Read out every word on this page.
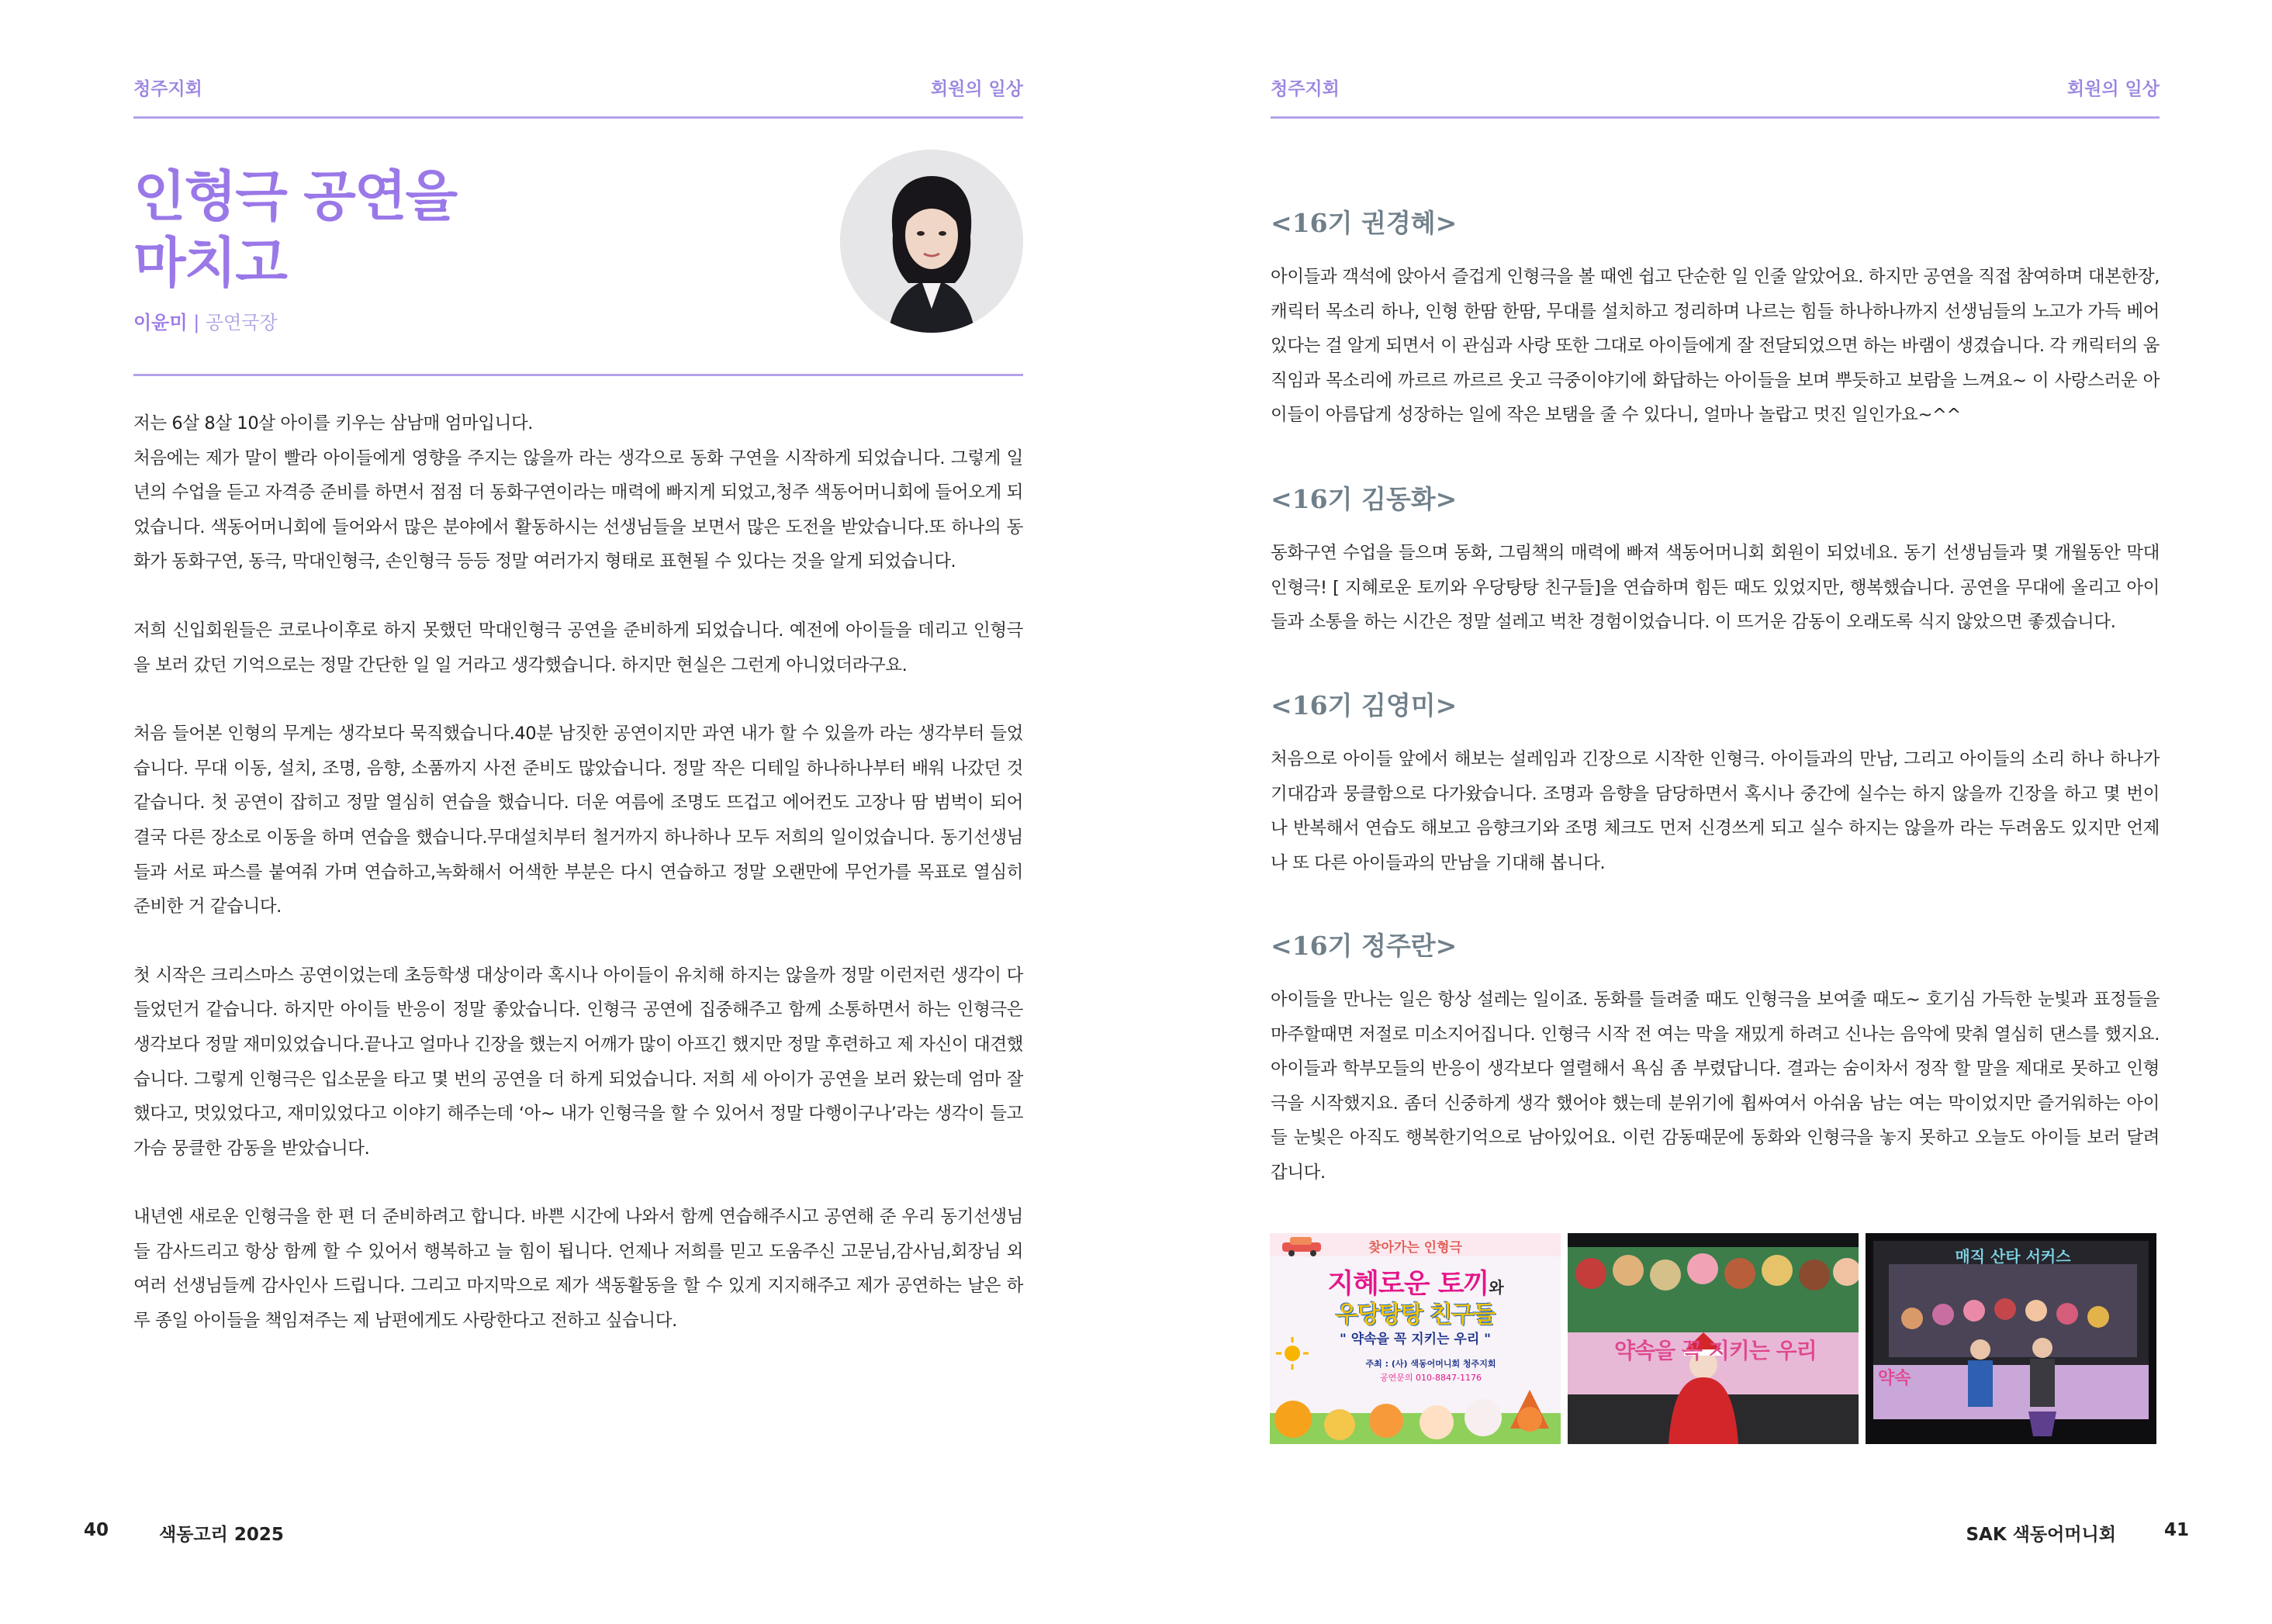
청주지회	회원의 일상
인형극 공연을
마치고
이윤미 | 공연국장

저는 6살 8살 10살 아이를 키우는 삼남매 엄마입니다.
처음에는 제가 말이 빨라 아이들에게 영향을 주지는 않을까 라는 생각으로 동화 구연을 시작하게 되었습니다. 그렇게 일년의 수업을 듣고 자격증 준비를 하면서 점점 더 동화구연이라는 매력에 빠지게 되었고,청주 색동어머니회에 들어오게 되었습니다. 색동어머니회에 들어와서 많은 분야에서 활동하시는 선생님들을 보면서 많은 도전을 받았습니다.또 하나의 동화가 동화구연, 동극, 막대인형극, 손인형극 등등 정말 여러가지 형태로 표현될 수 있다는 것을 알게 되었습니다.

저희 신입회원들은 코로나이후로 하지 못했던 막대인형극 공연을 준비하게 되었습니다. 예전에 아이들을 데리고 인형극을 보러 갔던 기억으로는 정말 간단한 일 일 거라고 생각했습니다. 하지만 현실은 그런게 아니었더라구요.

처음 들어본 인형의 무게는 생각보다 묵직했습니다.40분 남짓한 공연이지만 과연 내가 할 수 있을까 라는 생각부터 들었습니다. 무대 이동, 설치, 조명, 음향, 소품까지 사전 준비도 많았습니다. 정말 작은 디테일 하나하나부터 배워 나갔던 것 같습니다. 첫 공연이 잡히고 정말 열심히 연습을 했습니다. 더운 여름에 조명도 뜨겁고 에어컨도 고장나 땀 범벅이 되어 결국 다른 장소로 이동을 하며 연습을 했습니다.무대설치부터 철거까지 하나하나 모두 저희의 일이었습니다. 동기선생님들과 서로 파스를 붙여줘 가며 연습하고,녹화해서 어색한 부분은 다시 연습하고 정말 오랜만에 무언가를 목표로 열심히 준비한 거 같습니다.

첫 시작은 크리스마스 공연이었는데 초등학생 대상이라 혹시나 아이들이 유치해 하지는 않을까 정말 이런저런 생각이 다 들었던거 같습니다. 하지만 아이들 반응이 정말 좋았습니다. 인형극 공연에 집중해주고 함께 소통하면서 하는 인형극은 생각보다 정말 재미있었습니다.끝나고 얼마나 긴장을 했는지 어깨가 많이 아프긴 했지만 정말 후련하고 제 자신이 대견했습니다. 그렇게 인형극은 입소문을 타고 몇 번의 공연을 더 하게 되었습니다. 저희 세 아이가 공연을 보러 왔는데 엄마 잘했다고, 멋있었다고, 재미있었다고 이야기 해주는데 ‘아~ 내가 인형극을 할 수 있어서 정말 다행이구나’라는 생각이 들고 가슴 뭉클한 감동을 받았습니다.

내년엔 새로운 인형극을 한 편 더 준비하려고 합니다. 바쁜 시간에 나와서 함께 연습해주시고 공연해 준 우리 동기선생님들 감사드리고 항상 함께 할 수 있어서 행복하고 늘 힘이 됩니다. 언제나 저희를 믿고 도움주신 고문님,감사님,회장님 외 여러 선생님들께 감사인사 드립니다. 그리고 마지막으로 제가 색동활동을 할 수 있게 지지해주고 제가 공연하는 날은 하루 종일 아이들을 책임져주는 제 남편에게도 사랑한다고 전하고 싶습니다.

40	색동고리 2025
청주지회	회원의 일상
<16기 권경혜>

아이들과 객석에 앉아서 즐겁게 인형극을 볼 때엔 쉽고 단순한 일 인줄 알았어요. 하지만 공연을 직접 참여하며 대본한장, 캐릭터 목소리 하나, 인형 한땀 한땀, 무대를 설치하고 정리하며 나르는 힘들 하나하나까지 선생님들의 노고가 가득 베어 있다는 걸 알게 되면서 이 관심과 사랑 또한 그대로 아이들에게 잘 전달되었으면 하는 바램이 생겼습니다. 각 캐릭터의 움직임과 목소리에 까르르 까르르 웃고 극중이야기에 화답하는 아이들을 보며 뿌듯하고 보람을 느껴요~ 이 사랑스러운 아이들이 아름답게 성장하는 일에 작은 보탬을 줄 수 있다니, 얼마나 놀랍고 멋진 일인가요~^^

<16기 김동화>

동화구연 수업을 들으며 동화, 그림책의 매력에 빠져 색동어머니회 회원이 되었네요. 동기 선생님들과 몇 개월동안 막대인형극! [ 지혜로운 토끼와 우당탕탕 친구들]을 연습하며 힘든 때도 있었지만, 행복했습니다. 공연을 무대에 올리고 아이들과 소통을 하는 시간은 정말 설레고 벅찬 경험이었습니다. 이 뜨거운 감동이 오래도록 식지 않았으면 좋겠습니다.

<16기 김영미>

처음으로 아이들 앞에서 해보는 설레임과 긴장으로 시작한 인형극. 아이들과의 만남, 그리고 아이들의 소리 하나 하나가 기대감과 뭉클함으로 다가왔습니다. 조명과 음향을 담당하면서 혹시나 중간에 실수는 하지 않을까 긴장을 하고 몇 번이나 반복해서 연습도 해보고 음향크기와 조명 체크도 먼저 신경쓰게 되고 실수 하지는 않을까 라는 두려움도 있지만 언제나 또 다른 아이들과의 만남을 기대해 봅니다.

<16기 정주란>

아이들을 만나는 일은 항상 설레는 일이죠. 동화를 들려줄 때도 인형극을 보여줄 때도~ 호기심 가득한 눈빛과 표정들을 마주할때면 저절로 미소지어집니다. 인형극 시작 전 여는 막을 재밌게 하려고 신나는 음악에 맞춰 열심히 댄스를 했지요. 아이들과 학부모들의 반응이 생각보다 열렬해서 욕심 좀 부렸답니다. 결과는 숨이차서 정작 할 말을 제대로 못하고 인형극을 시작했지요. 좀더 신중하게 생각 했어야 했는데 분위기에 휩싸여서 아쉬움 남는 여는 막이었지만 즐거워하는 아이들 눈빛은 아직도 행복한기억으로 남아있어요. 이런 감동때문에 동화와 인형극을 놓지 못하고 오늘도 아이들 보러 달려갑니다.

찾아가는 인형극
지혜로운 토끼와
우당탕탕 친구들
" 약속을 꼭 지키는 우리 "
주최 : (사) 색동어머니회 청주지회
공연문의 010-8847-1176
약속을 꼭 지키는 우리
매직 산타 서커스
약속
SAK 색동어머니회	41
